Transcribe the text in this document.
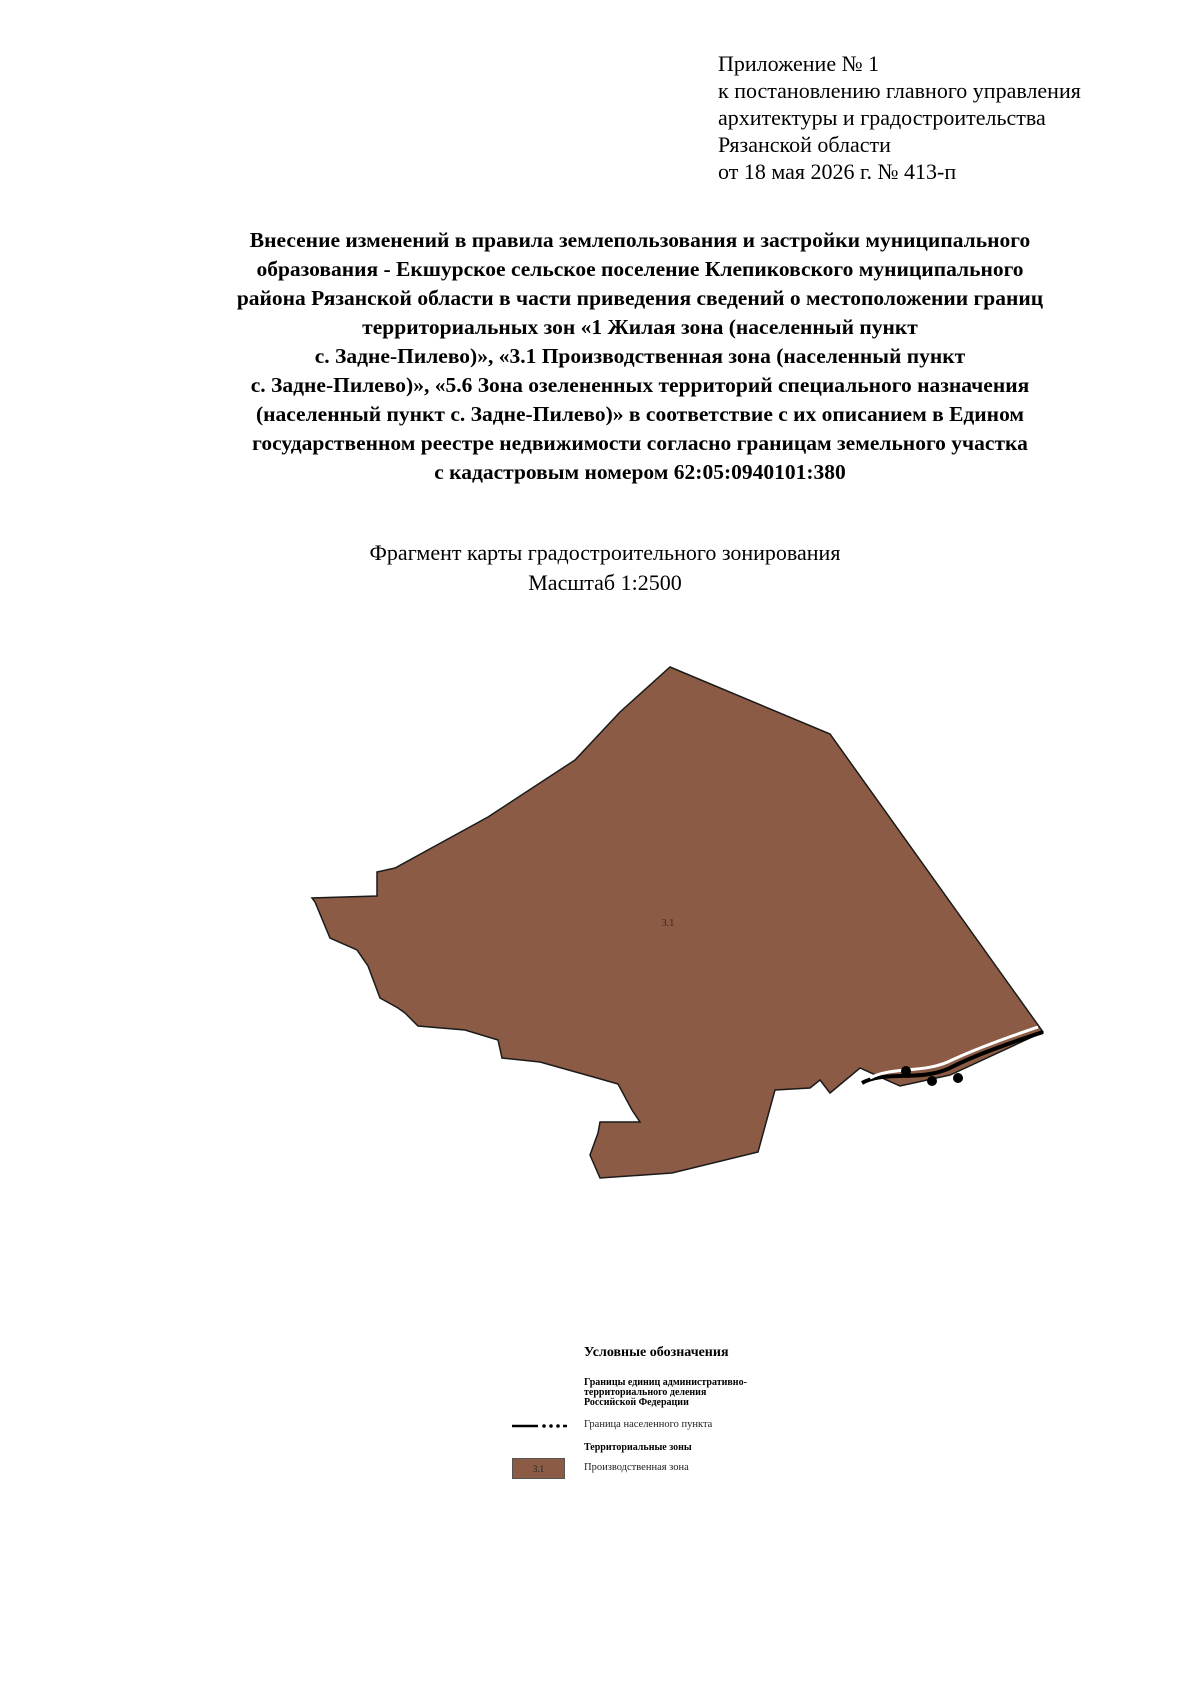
Приложение № 1
к постановлению главного управления
архитектуры и градостроительства
Рязанской области
от 18 мая 2026 г. № 413-п
Внесение изменений в правила землепользования и застройки муниципального
образования - Екшурское сельское поселение Клепиковского муниципального
района Рязанской области в части приведения сведений о местоположении границ
территориальных зон «1 Жилая зона (населенный пункт
с. Задне-Пилево)», «3.1 Производственная зона (населенный пункт
с. Задне-Пилево)», «5.6 Зона озелененных территорий специального назначения
(населенный пункт с. Задне-Пилево)» в соответствие с их описанием в Едином
государственном реестре недвижимости согласно границам земельного участка
с кадастровым номером 62:05:0940101:380
Фрагмент карты градостроительного зонирования
Масштаб 1:2500
3.1
Условные обозначения
Границы единиц административно-
территориального деления
Российской Федерации
Граница населенного пункта
Территориальные зоны
3.1	Производственная зона
